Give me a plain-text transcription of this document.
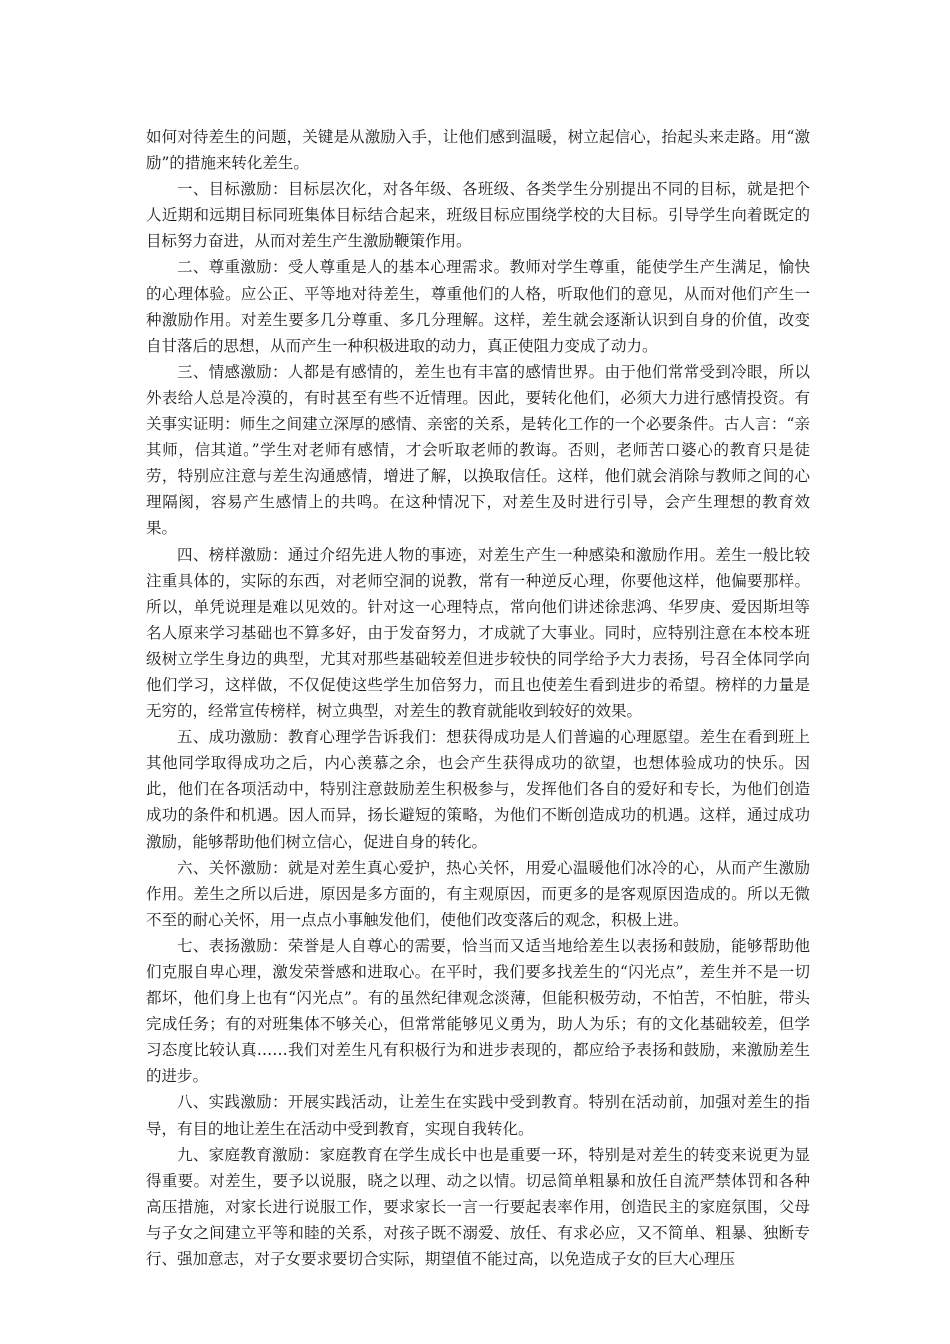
如何对待差生的问题，关键是从激励入手，让他们感到温暖，树立起信心，抬起头来走路。用“激励”的措施来转化差生。

一、目标激励：目标层次化，对各年级、各班级、各类学生分别提出不同的目标，就是把个人近期和远期目标同班集体目标结合起来，班级目标应围绕学校的大目标。引导学生向着既定的目标努力奋进，从而对差生产生激励鞭策作用。

二、尊重激励：受人尊重是人的基本心理需求。教师对学生尊重，能使学生产生满足，愉快的心理体验。应公正、平等地对待差生，尊重他们的人格，听取他们的意见，从而对他们产生一种激励作用。对差生要多几分尊重、多几分理解。这样，差生就会逐渐认识到自身的价值，改变自甘落后的思想，从而产生一种积极进取的动力，真正使阻力变成了动力。

三、情感激励：人都是有感情的，差生也有丰富的感情世界。由于他们常常受到冷眼，所以外表给人总是冷漠的，有时甚至有些不近情理。因此，要转化他们，必须大力进行感情投资。有关事实证明：师生之间建立深厚的感情、亲密的关系，是转化工作的一个必要条件。古人言：“亲其师，信其道。”学生对老师有感情，才会听取老师的教诲。否则，老师苦口婆心的教育只是徒劳，特别应注意与差生沟通感情，增进了解，以换取信任。这样，他们就会消除与教师之间的心理隔阂，容易产生感情上的共鸣。在这种情况下，对差生及时进行引导，会产生理想的教育效果。

四、榜样激励：通过介绍先进人物的事迹，对差生产生一种感染和激励作用。差生一般比较注重具体的，实际的东西，对老师空洞的说教，常有一种逆反心理，你要他这样，他偏要那样。所以，单凭说理是难以见效的。针对这一心理特点，常向他们讲述徐悲鸿、华罗庚、爱因斯坦等名人原来学习基础也不算多好，由于发奋努力，才成就了大事业。同时，应特别注意在本校本班级树立学生身边的典型，尤其对那些基础较差但进步较快的同学给予大力表扬，号召全体同学向他们学习，这样做，不仅促使这些学生加倍努力，而且也使差生看到进步的希望。榜样的力量是无穷的，经常宣传榜样，树立典型，对差生的教育就能收到较好的效果。

五、成功激励：教育心理学告诉我们：想获得成功是人们普遍的心理愿望。差生在看到班上其他同学取得成功之后，内心羡慕之余，也会产生获得成功的欲望，也想体验成功的快乐。因此，他们在各项活动中，特别注意鼓励差生积极参与，发挥他们各自的爱好和专长，为他们创造成功的条件和机遇。因人而异，扬长避短的策略，为他们不断创造成功的机遇。这样，通过成功激励，能够帮助他们树立信心，促进自身的转化。

六、关怀激励：就是对差生真心爱护，热心关怀，用爱心温暖他们冰冷的心，从而产生激励作用。差生之所以后进，原因是多方面的，有主观原因，而更多的是客观原因造成的。所以无微不至的耐心关怀，用一点点小事触发他们，使他们改变落后的观念，积极上进。

七、表扬激励：荣誉是人自尊心的需要，恰当而又适当地给差生以表扬和鼓励，能够帮助他们克服自卑心理，激发荣誉感和进取心。在平时，我们要多找差生的“闪光点”，差生并不是一切都坏，他们身上也有“闪光点”。有的虽然纪律观念淡薄，但能积极劳动，不怕苦，不怕脏，带头完成任务；有的对班集体不够关心，但常常能够见义勇为，助人为乐；有的文化基础较差，但学习态度比较认真……我们对差生凡有积极行为和进步表现的，都应给予表扬和鼓励，来激励差生的进步。

八、实践激励：开展实践活动，让差生在实践中受到教育。特别在活动前，加强对差生的指导，有目的地让差生在活动中受到教育，实现自我转化。

九、家庭教育激励：家庭教育在学生成长中也是重要一环，特别是对差生的转变来说更为显得重要。对差生，要予以说服，晓之以理、动之以情。切忌简单粗暴和放任自流严禁体罚和各种高压措施，对家长进行说服工作，要求家长一言一行要起表率作用，创造民主的家庭氛围，父母与子女之间建立平等和睦的关系，对孩子既不溺爱、放任、有求必应，又不简单、粗暴、独断专行、强加意志，对子女要求要切合实际，期望值不能过高，以免造成子女的巨大心理压
